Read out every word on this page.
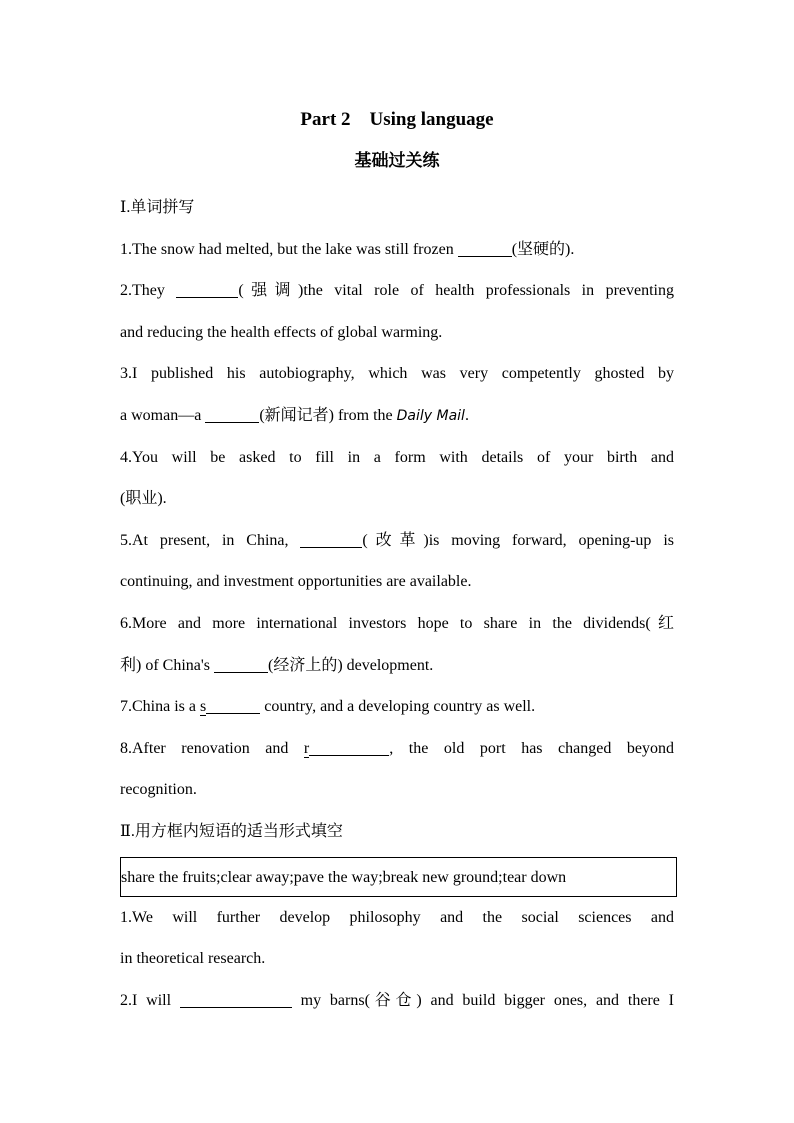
Part 2　Using language
基础过关练
Ⅰ.单词拼写
1.The snow had melted, but the lake was still frozen	(坚硬的).
2.They	(强调)the vital role of health professionals in preventing
and reducing the health effects of global warming.
3.I published his autobiography, which was very competently ghosted by
a woman—a	(新闻记者) from the Daily Mail.
4.You will be asked to fill in a form with details of your birth and
(职业).
5.At present, in China,	(改革)is moving forward, opening-up is
continuing, and investment opportunities are available.
6.More and more international investors hope to share in the dividends(红
利) of China's	(经济上的) development.
7.China is a s	country, and a developing country as well.
8.After renovation and r	, the old port has changed beyond
recognition.
Ⅱ.用方框内短语的适当形式填空
share the fruits;clear away;pave the way;break new ground;tear down
1.We will further develop philosophy and the social sciences and
in theoretical research.
2.I will	my barns(谷仓) and build bigger ones, and there I
